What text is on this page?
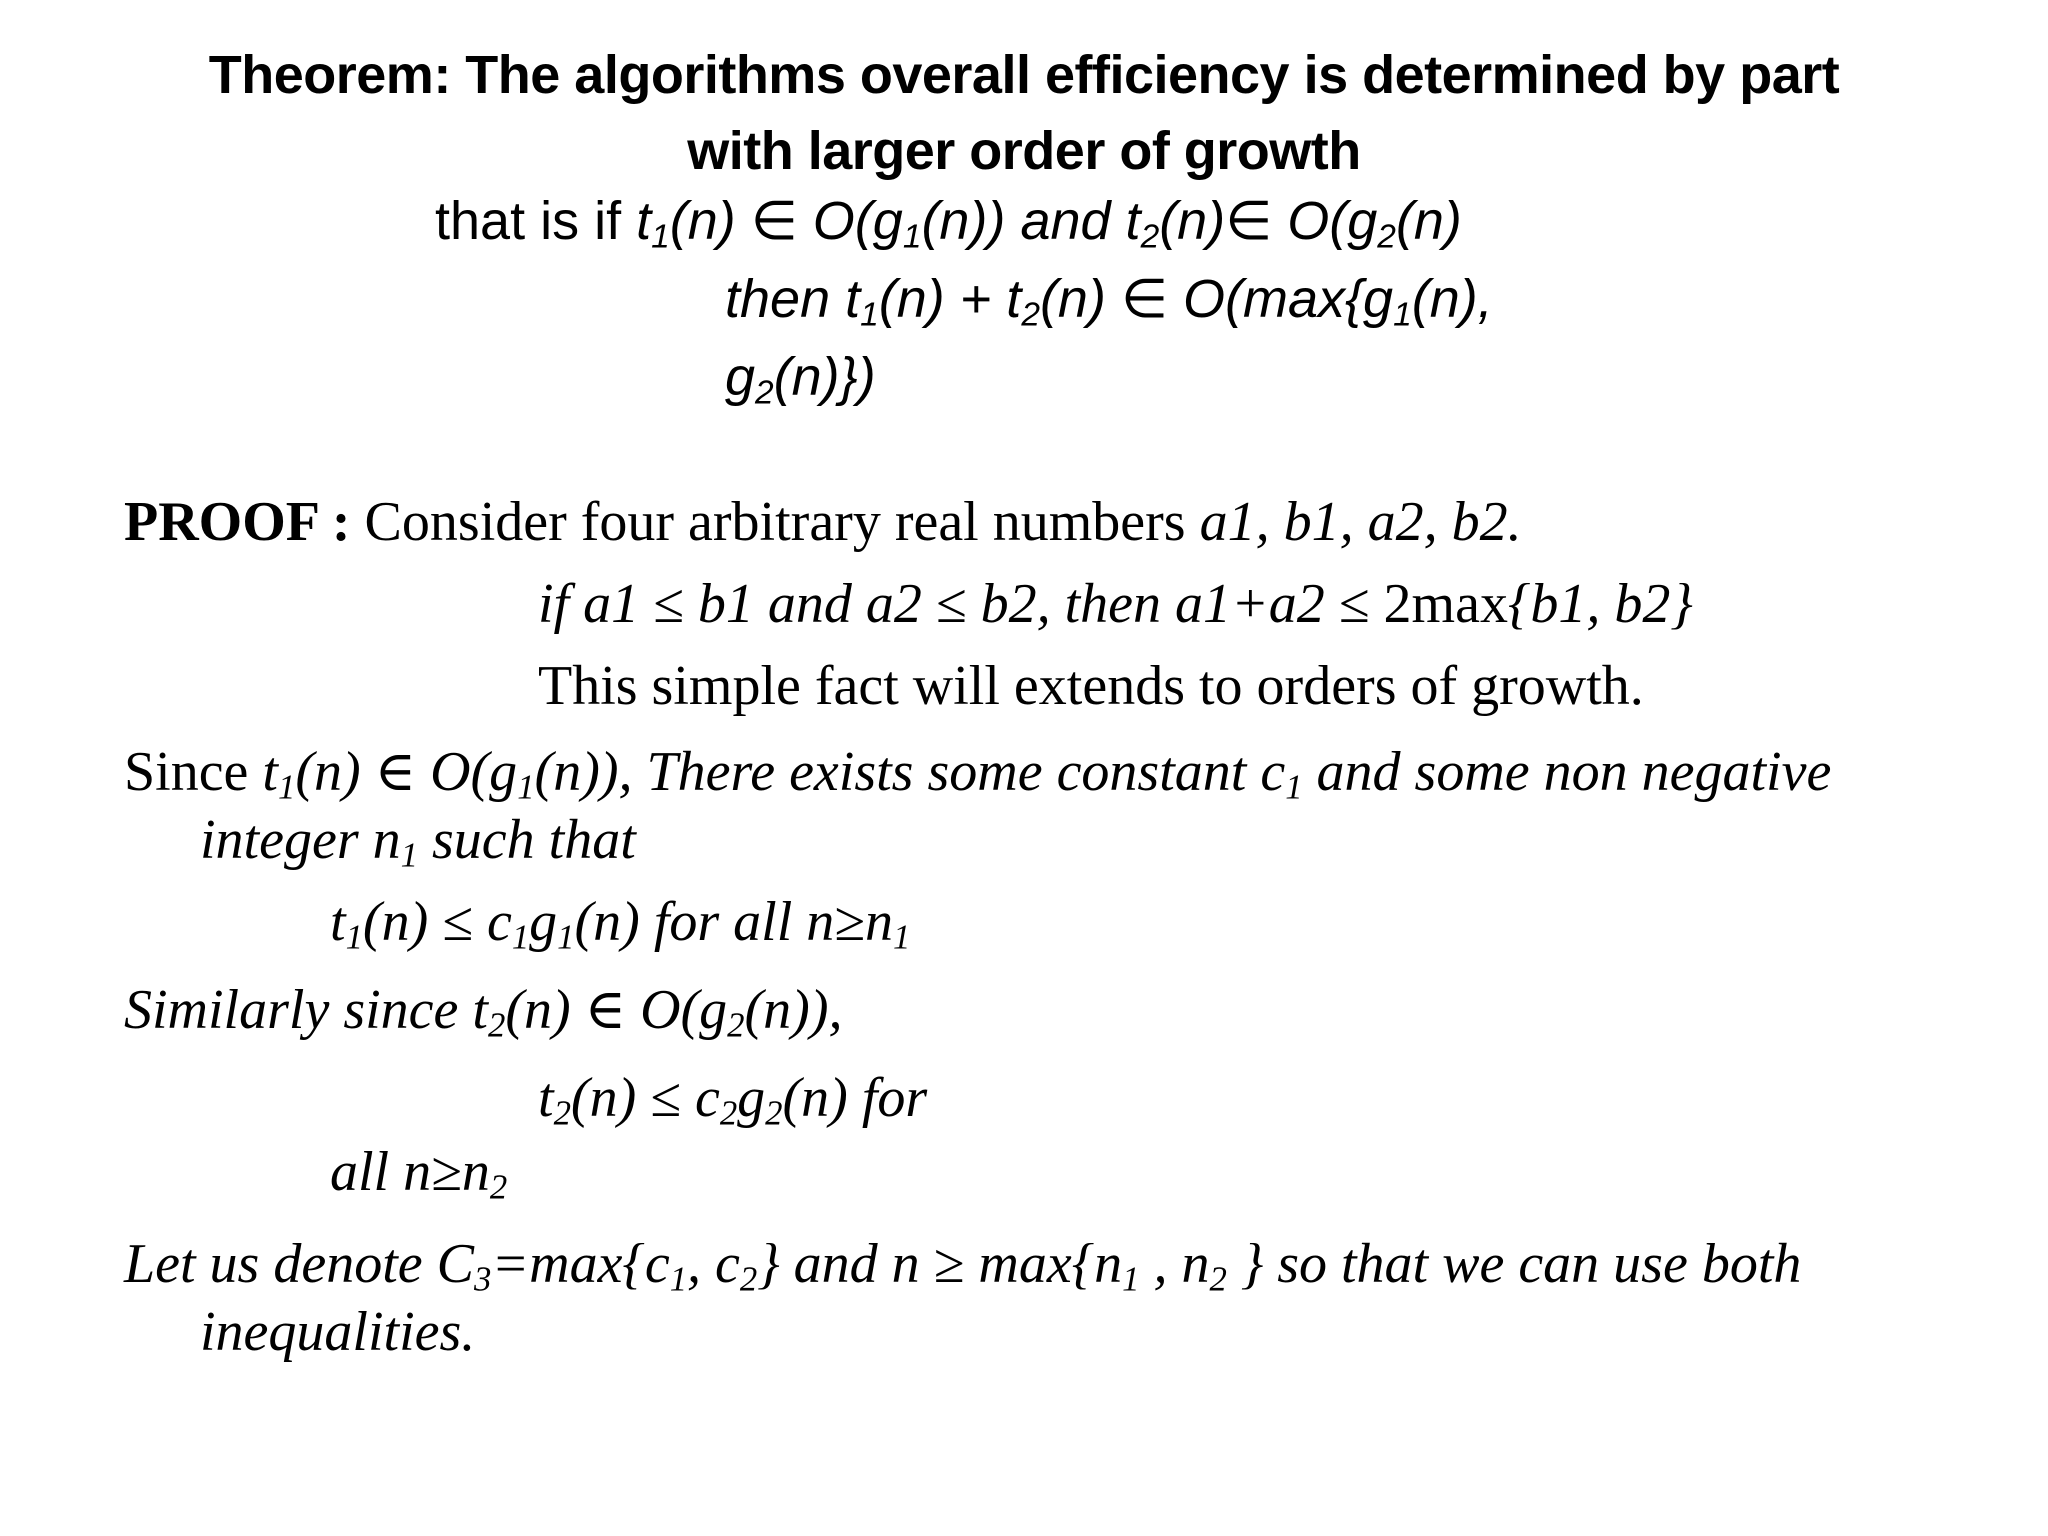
Theorem: The algorithms overall efficiency is determined by part
with larger order of growth
that is if $t_1(n)$ ∈ $O(g_1(n))$ and $t_2(n)\in$ $O(g_2(n)$
then $t_1(n) + t_2(n)$ ∈ $O(\max\{g_1(n)$,
$g_2(n)$})
PROOF : Consider four arbitrary real numbers a1, b1, a2, b2.
if a1 ≤ b1 and a2 ≤ b2, then a1+a2 ≤ 2max{b1, b2}
This simple fact will extends to orders of growth.
Since $t_1(n)$ ∈ $O(g_1(n))$, There exists some constant $c_1$ and some non negative
integer $n_1$ such that
$t_1(n) \le c_1g_1(n)$ for all $n\ge n_1$
Similarly since $t_2(n)$ ∈ $O(g_2(n))$,
$t_2(n) \le c_2g_2(n)$ for
all $n\ge n_2$
Let us denote $C_3=\max\{c_1$, $c_2$} and $n \ge \max\{n_1$ , $n_2$ } so that we can use both
inequalities.
